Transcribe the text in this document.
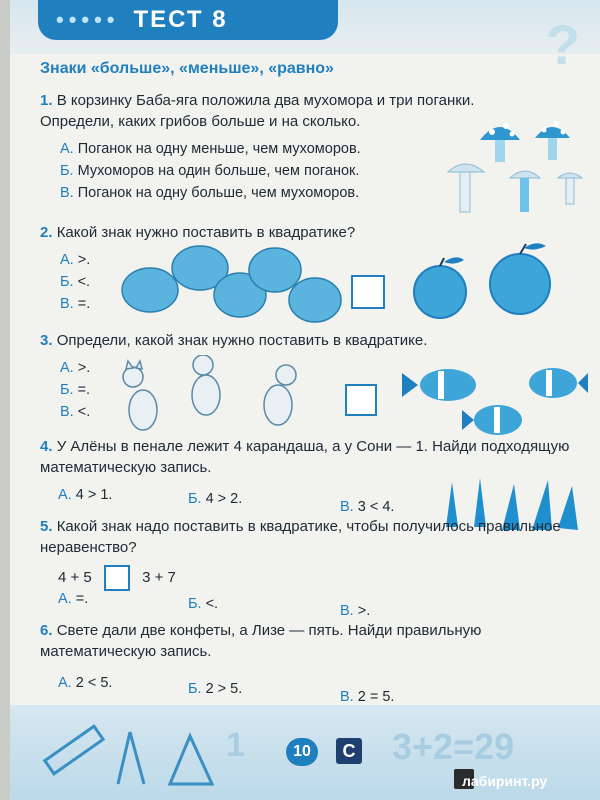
••••• ТЕСТ 8	?
Знаки «больше», «меньше», «равно»

1. В корзинку Баба-яга положила два мухомора и три поганки. Определи, каких грибов больше и на сколько.

А. Поганок на одну меньше, чем мухоморов.
Б. Мухоморов на один больше, чем поганок.
В. Поганок на одну больше, чем мухоморов.

2. Какой знак нужно поставить в квадратике?

А. >.
Б. <.
В. =.

3. Определи, какой знак нужно поставить в квадратике.

А. >.
Б. =.
В. <.

4. У Алёны в пенале лежит 4 карандаша, а у Сони — 1. Найди подходящую математическую запись.

А. 4 > 1.	Б. 4 > 2.	В. 3 < 4.

5. Какой знак надо поставить в квадратике, чтобы получилось правильное неравенство?

4 + 5	3 + 7
А. =.	Б. <.	В. >.

6. Свете дали две конфеты, а Лизе — пять. Найди правильную математическую запись.

А. 2 < 5.	Б. 2 > 5.	В. 2 = 5.
1	10	С 3+2=29
лабиринт.ру
